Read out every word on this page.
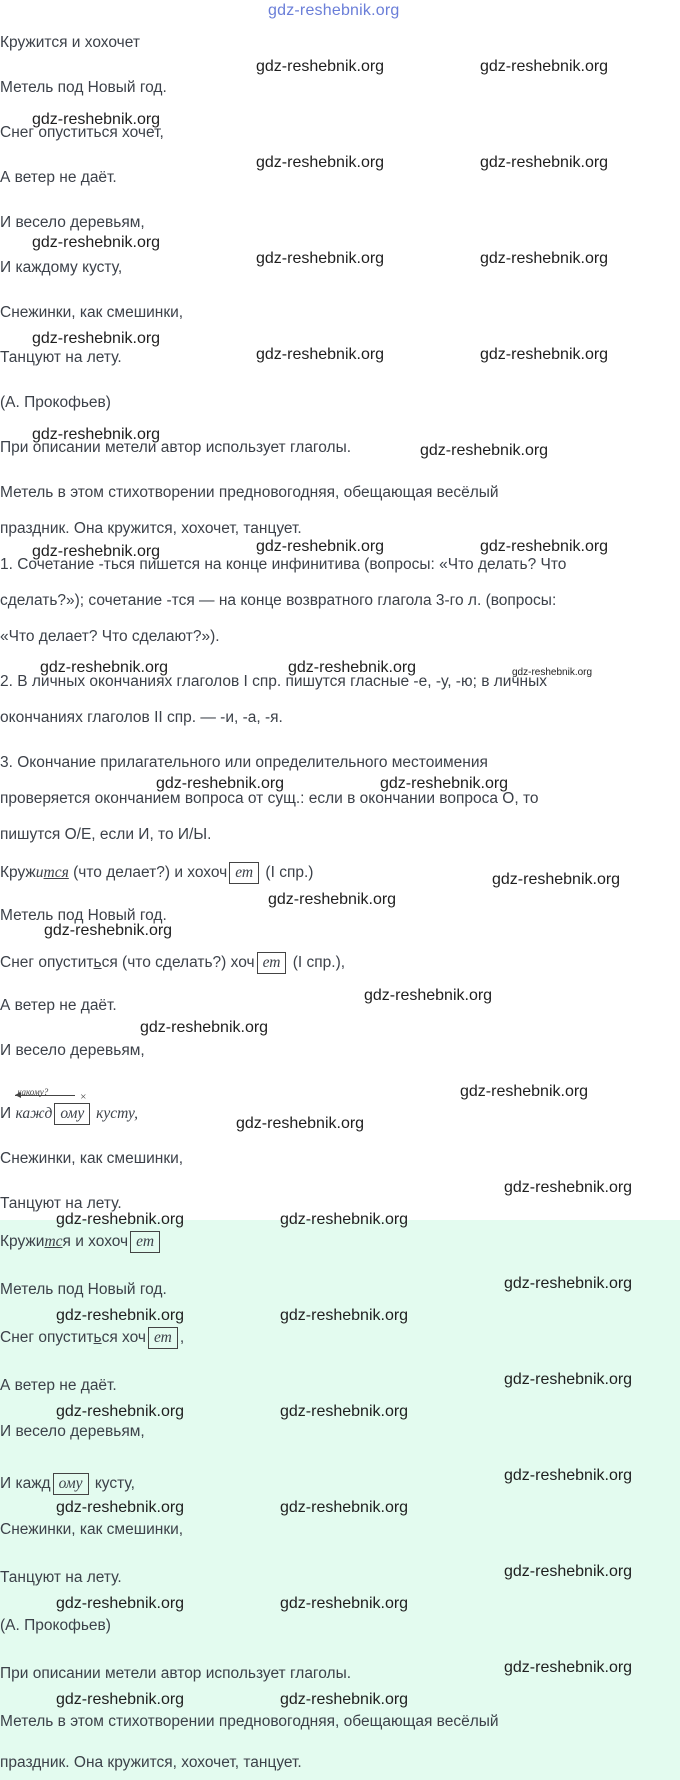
gdz-reshebnik.org
Кружится и хохочет
Метель под Новый год.
Снег опуститься хочет,
А ветер не даёт.
И весело деревьям,
И каждому кусту,
Снежинки, как смешинки,
Танцуют на лету.
(А. Прокофьев)
При описании метели автор использует глаголы.
Метель в этом стихотворении предновогодняя, обещающая весёлый
праздник. Она кружится, хохочет, танцует.
1. Сочетание -ться пишется на конце инфинитива (вопросы: «Что делать? Что
сделать?»); сочетание -тся — на конце возвратного глагола 3-го л. (вопросы:
«Что делает? Что сделают?»).
2. В личных окончаниях глаголов I спр. пишутся гласные -е, -у, -ю; в личных
окончаниях глаголов II спр. — -и, -а, -я.
3. Окончание прилагательного или определительного местоимения
проверяется окончанием вопроса от сущ.: если в окончании вопроса О, то
пишутся О/Е, если И, то И/Ы.
Кружится (что делает?) и хохоч ет (I спр.)
Метель под Новый год.
Снег опуститься (что сделать?) хоч ет (I спр.),
А ветер не даёт.
И весело деревьям,
И
какому?	×
кажд ому кусту,
Снежинки, как смешинки,
Танцуют на лету.
Кружится и хохоч ет
Метель под Новый год.
Снег опуститься хоч ет ,
А ветер не даёт.
И весело деревьям,
И кажд ому кусту,
Снежинки, как смешинки,
Танцуют на лету.
(А. Прокофьев)
При описании метели автор использует глаголы.
Метель в этом стихотворении предновогодняя, обещающая весёлый
праздник. Она кружится, хохочет, танцует.
gdz-reshebnik.org	gdz-reshebnik.org
gdz-reshebnik.org
gdz-reshebnik.org	gdz-reshebnik.org
gdz-reshebnik.org
gdz-reshebnik.org	gdz-reshebnik.org
gdz-reshebnik.org
gdz-reshebnik.org	gdz-reshebnik.org
gdz-reshebnik.org
gdz-reshebnik.org
gdz-reshebnik.org	gdz-reshebnik.org	gdz-reshebnik.org
gdz-reshebnik.org	gdz-reshebnik.org	gdz-reshebnik.org
gdz-reshebnik.org	gdz-reshebnik.org
gdz-reshebnik.org
gdz-reshebnik.org
gdz-reshebnik.org
gdz-reshebnik.org
gdz-reshebnik.org
gdz-reshebnik.org
gdz-reshebnik.org
gdz-reshebnik.org
gdz-reshebnik.org	gdz-reshebnik.org
gdz-reshebnik.org
gdz-reshebnik.org	gdz-reshebnik.org
gdz-reshebnik.org
gdz-reshebnik.org	gdz-reshebnik.org
gdz-reshebnik.org
gdz-reshebnik.org	gdz-reshebnik.org
gdz-reshebnik.org
gdz-reshebnik.org	gdz-reshebnik.org
gdz-reshebnik.org
gdz-reshebnik.org	gdz-reshebnik.org
